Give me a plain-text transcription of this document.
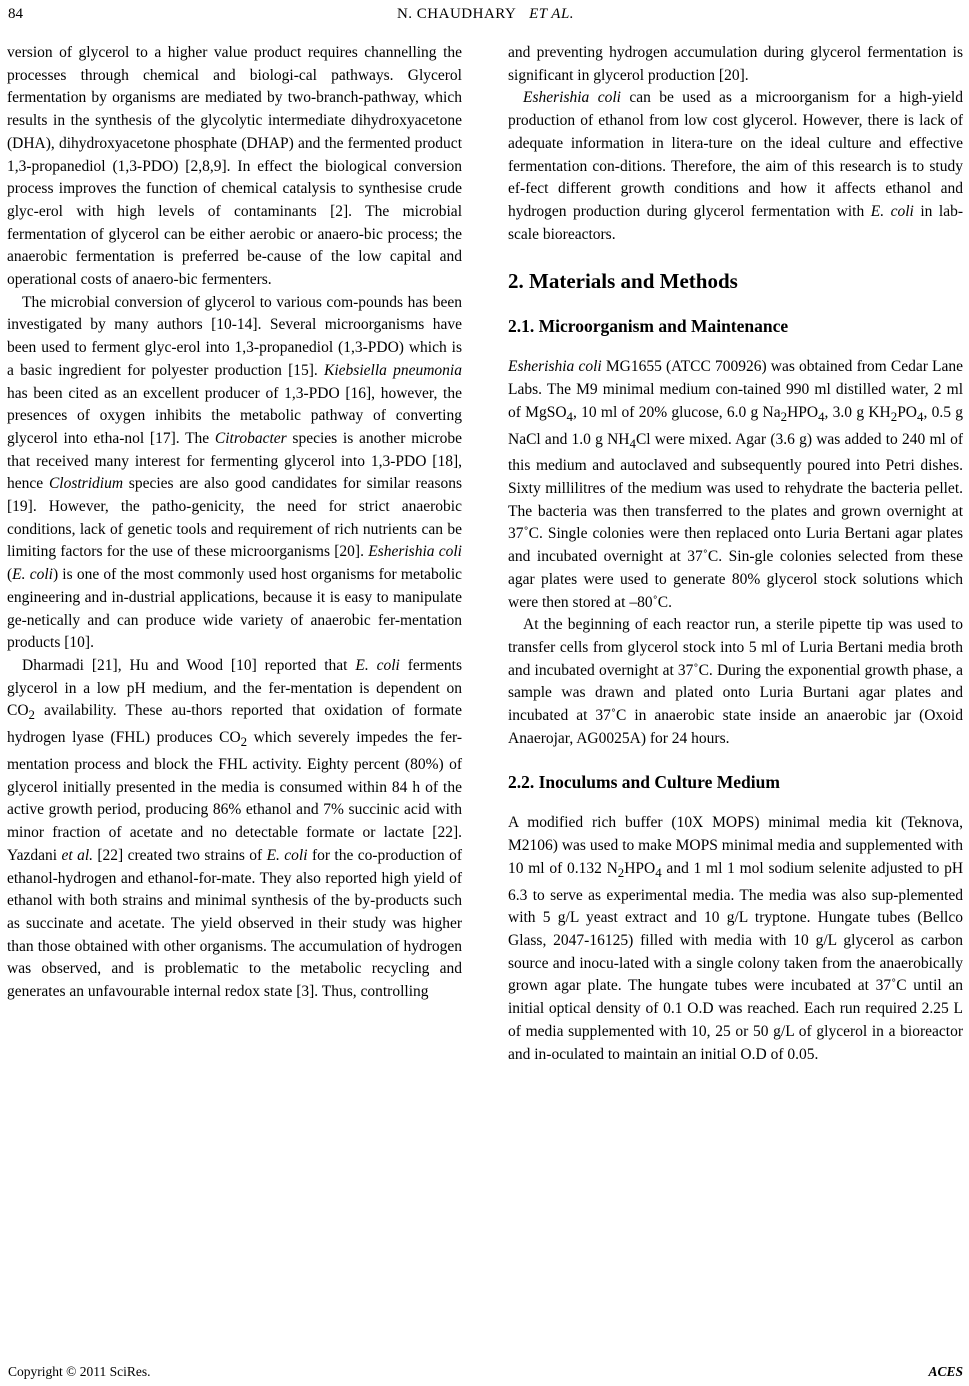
84	N. CHAUDHARY ET AL.

version of glycerol to a higher value product requires channelling the processes through chemical and biologi-cal pathways. Glycerol fermentation by organisms are mediated by two-branch-pathway, which results in the synthesis of the glycolytic intermediate dihydroxyacetone (DHA), dihydroxyacetone phosphate (DHAP) and the fermented product 1,3-propanediol (1,3-PDO) [2,8,9]. In effect the biological conversion process improves the function of chemical catalysis to synthesise crude glyc-erol with high levels of contaminants [2]. The microbial fermentation of glycerol can be either aerobic or anaero-bic process; the anaerobic fermentation is preferred be-cause of the low capital and operational costs of anaero-bic fermenters.

The microbial conversion of glycerol to various com-pounds has been investigated by many authors [10-14]. Several microorganisms have been used to ferment glyc-erol into 1,3-propanediol (1,3-PDO) which is a basic ingredient for polyester production [15]. Kiebsiella pneumonia has been cited as an excellent producer of 1,3-PDO [16], however, the presences of oxygen inhibits the metabolic pathway of converting glycerol into etha-nol [17]. The Citrobacter species is another microbe that received many interest for fermenting glycerol into 1,3-PDO [18], hence Clostridium species are also good candidates for similar reasons [19]. However, the patho-genicity, the need for strict anaerobic conditions, lack of genetic tools and requirement of rich nutrients can be limiting factors for the use of these microorganisms [20]. Esherishia coli (E. coli) is one of the most commonly used host organisms for metabolic engineering and in-dustrial applications, because it is easy to manipulate ge-netically and can produce wide variety of anaerobic fer-mentation products [10].

Dharmadi [21], Hu and Wood [10] reported that E. coli ferments glycerol in a low pH medium, and the fer-mentation is dependent on $CO_2$ availability. These au-thors reported that oxidation of formate hydrogen lyase (FHL) produces $CO_2$ which severely impedes the fer-mentation process and block the FHL activity. Eighty percent (80%) of glycerol initially presented in the media is consumed within 84 h of the active growth period, producing 86% ethanol and 7% succinic acid with minor fraction of acetate and no detectable formate or lactate [22]. Yazdani et al. [22] created two strains of E. coli for the co-production of ethanol-hydrogen and ethanol-for-mate. They also reported high yield of ethanol with both strains and minimal synthesis of the by-products such as succinate and acetate. The yield observed in their study was higher than those obtained with other organisms. The accumulation of hydrogen was observed, and is problematic to the metabolic recycling and generates an unfavourable internal redox state [3]. Thus, controlling

and preventing hydrogen accumulation during glycerol fermentation is significant in glycerol production [20].

Esherishia coli can be used as a microorganism for a high-yield production of ethanol from low cost glycerol. However, there is lack of adequate information in litera-ture on the ideal culture and effective fermentation con-ditions. Therefore, the aim of this research is to study ef-fect different growth conditions and how it affects ethanol and hydrogen production during glycerol fermentation with E. coli in lab-scale bioreactors.

2. Materials and Methods
2.1. Microorganism and Maintenance

Esherishia coli MG1655 (ATCC 700926) was obtained from Cedar Lane Labs. The M9 minimal medium con-tained 990 ml distilled water, 2 ml of MgSO$_4$, 10 ml of 20% glucose, 6.0 g $Na_2HPO_4$, 3.0 g $KH_2PO_4$, 0.5 g NaCl and 1.0 g $NH_4Cl$ were mixed. Agar (3.6 g) was added to 240 ml of this medium and autoclaved and subsequently poured into Petri dishes. Sixty millilitres of the medium was used to rehydrate the bacteria pellet. The bacteria was then transferred to the plates and grown overnight at 37˚C. Single colonies were then replaced onto Luria Bertani agar plates and incubated overnight at 37˚C. Sin-gle colonies selected from these agar plates were used to generate 80% glycerol stock solutions which were then stored at –80˚C.

At the beginning of each reactor run, a sterile pipette tip was used to transfer cells from glycerol stock into 5 ml of Luria Bertani media broth and incubated overnight at 37˚C. During the exponential growth phase, a sample was drawn and plated onto Luria Burtani agar plates and incubated at 37˚C in anaerobic state inside an anaerobic jar (Oxoid Anaerojar, AG0025A) for 24 hours.

2.2. Inoculums and Culture Medium

A modified rich buffer (10X MOPS) minimal media kit (Teknova, M2106) was used to make MOPS minimal media and supplemented with 10 ml of 0.132 $N_2HPO_4$ and 1 ml 1 mol sodium selenite adjusted to pH 6.3 to serve as experimental media. The media was also sup-plemented with 5 g/L yeast extract and 10 g/L tryptone. Hungate tubes (Bellco Glass, 2047-16125) filled with media with 10 g/L glycerol as carbon source and inocu-lated with a single colony taken from the anaerobically grown agar plate. The hungate tubes were incubated at 37˚C until an initial optical density of 0.1 O.D was reached. Each run required 2.25 L of media supplemented with 10, 25 or 50 g/L of glycerol in a bioreactor and in-oculated to maintain an initial O.D of 0.05.

Copyright © 2011 SciRes.	ACES
